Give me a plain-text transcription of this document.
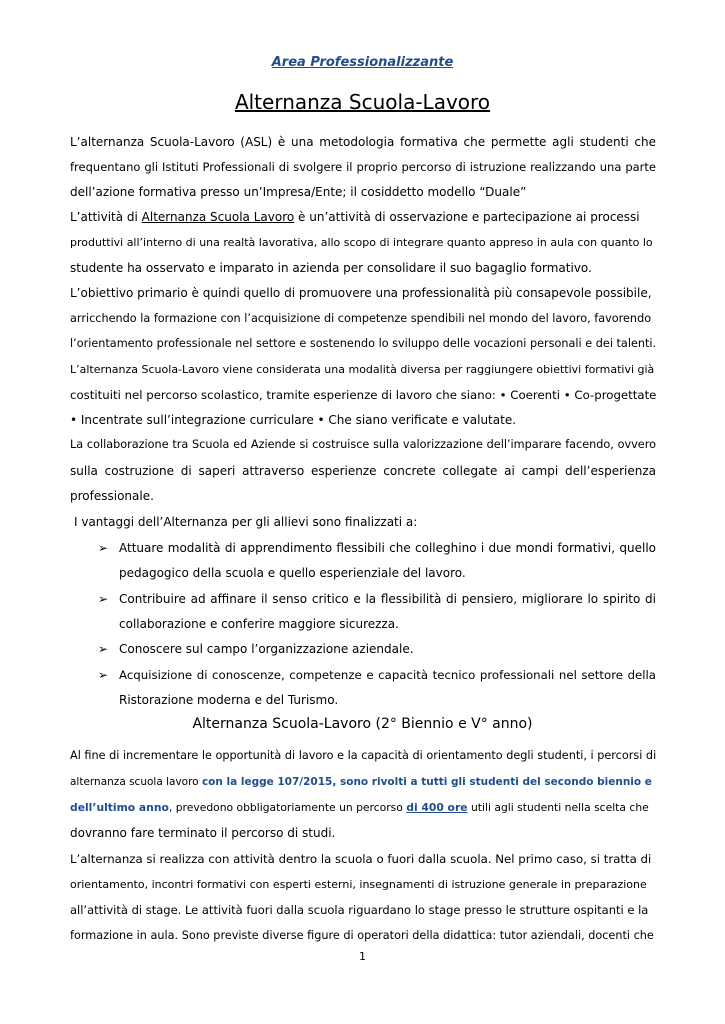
Area Professionalizzante
Alternanza Scuola-Lavoro
L’alternanza Scuola-Lavoro (ASL) è una metodologia formativa che permette agli studenti che
frequentano gli Istituti Professionali di svolgere il proprio percorso di istruzione realizzando una parte
dell’azione formativa presso un’Impresa/Ente; il cosiddetto modello “Duale”
L’attività di Alternanza Scuola Lavoro è un’attività di osservazione e partecipazione ai processi
produttivi all’interno di una realtà lavorativa, allo scopo di integrare quanto appreso in aula con quanto lo
studente ha osservato e imparato in azienda per consolidare il suo bagaglio formativo.
L’obiettivo primario è quindi quello di promuovere una professionalità più consapevole possibile,
arricchendo la formazione con l’acquisizione di competenze spendibili nel mondo del lavoro, favorendo
l’orientamento professionale nel settore e sostenendo lo sviluppo delle vocazioni personali e dei talenti.
L’alternanza Scuola-Lavoro viene considerata una modalità diversa per raggiungere obiettivi formativi già
costituiti nel percorso scolastico, tramite esperienze di lavoro che siano: • Coerenti • Co-progettate
• Incentrate sull’integrazione curriculare • Che siano verificate e valutate.
La collaborazione tra Scuola ed Aziende si costruisce sulla valorizzazione dell’imparare facendo, ovvero
sulla costruzione di saperi attraverso esperienze concrete collegate ai campi dell’esperienza
professionale.
I vantaggi dell’Alternanza per gli allievi sono finalizzati a:
➢ Attuare modalità di apprendimento flessibili che colleghino i due mondi formativi, quello
pedagogico della scuola e quello esperienziale del lavoro.
➢ Contribuire ad affinare il senso critico e la flessibilità di pensiero, migliorare lo spirito di
collaborazione e conferire maggiore sicurezza.
➢ Conoscere sul campo l’organizzazione aziendale.
➢ Acquisizione di conoscenze, competenze e capacità tecnico professionali nel settore della
Ristorazione moderna e del Turismo.
Alternanza Scuola-Lavoro (2° Biennio e V° anno)
Al fine di incrementare le opportunità di lavoro e la capacità di orientamento degli studenti, i percorsi di
alternanza scuola lavoro con la legge 107/2015, sono rivolti a tutti gli studenti del secondo biennio e
dell’ultimo anno, prevedono obbligatoriamente un percorso di 400 ore utili agli studenti nella scelta che
dovranno fare terminato il percorso di studi.
L’alternanza si realizza con attività dentro la scuola o fuori dalla scuola. Nel primo caso, si tratta di
orientamento, incontri formativi con esperti esterni, insegnamenti di istruzione generale in preparazione
all’attività di stage. Le attività fuori dalla scuola riguardano lo stage presso le strutture ospitanti e la
formazione in aula. Sono previste diverse figure di operatori della didattica: tutor aziendali, docenti che
1
